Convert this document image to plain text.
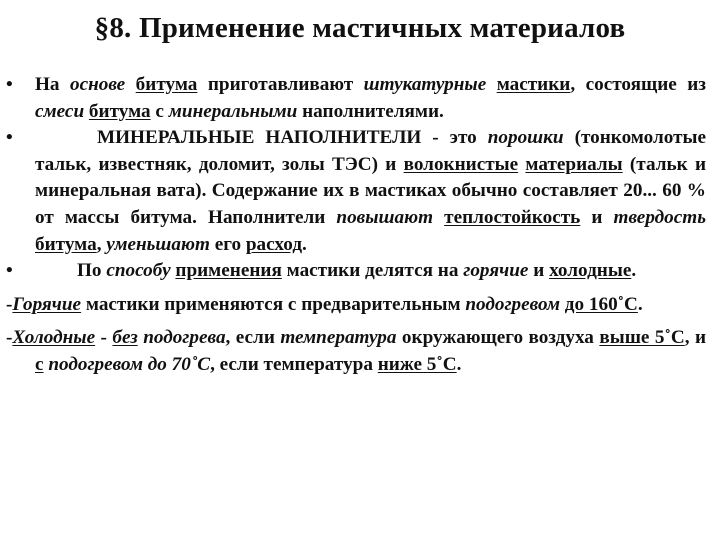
§8. Применение мастичных материалов

• На основе битума приготавливают штукатурные мастики, состоящие из смеси битума с минеральными наполнителями.

•	МИНЕРАЛЬНЫЕ НАПОЛНИТЕЛИ - это порошки (тонкомолотые тальк, известняк, доломит, золы ТЭС) и волокнистые материалы (тальк и минеральная вата). Содержание их в мастиках обычно составляет 20... 60 % от массы битума. Наполнители повышают теплостойкость и твердость битума, уменьшают его расход.

•	По способу применения мастики делятся на горячие и холодные.

-Горячие мастики применяются с предварительным подогревом до 160˚С.

-Холодные - без подогрева, если температура окружающего воздуха выше 5˚С, и с подогревом до 70˚С, если температура ниже 5˚С.
